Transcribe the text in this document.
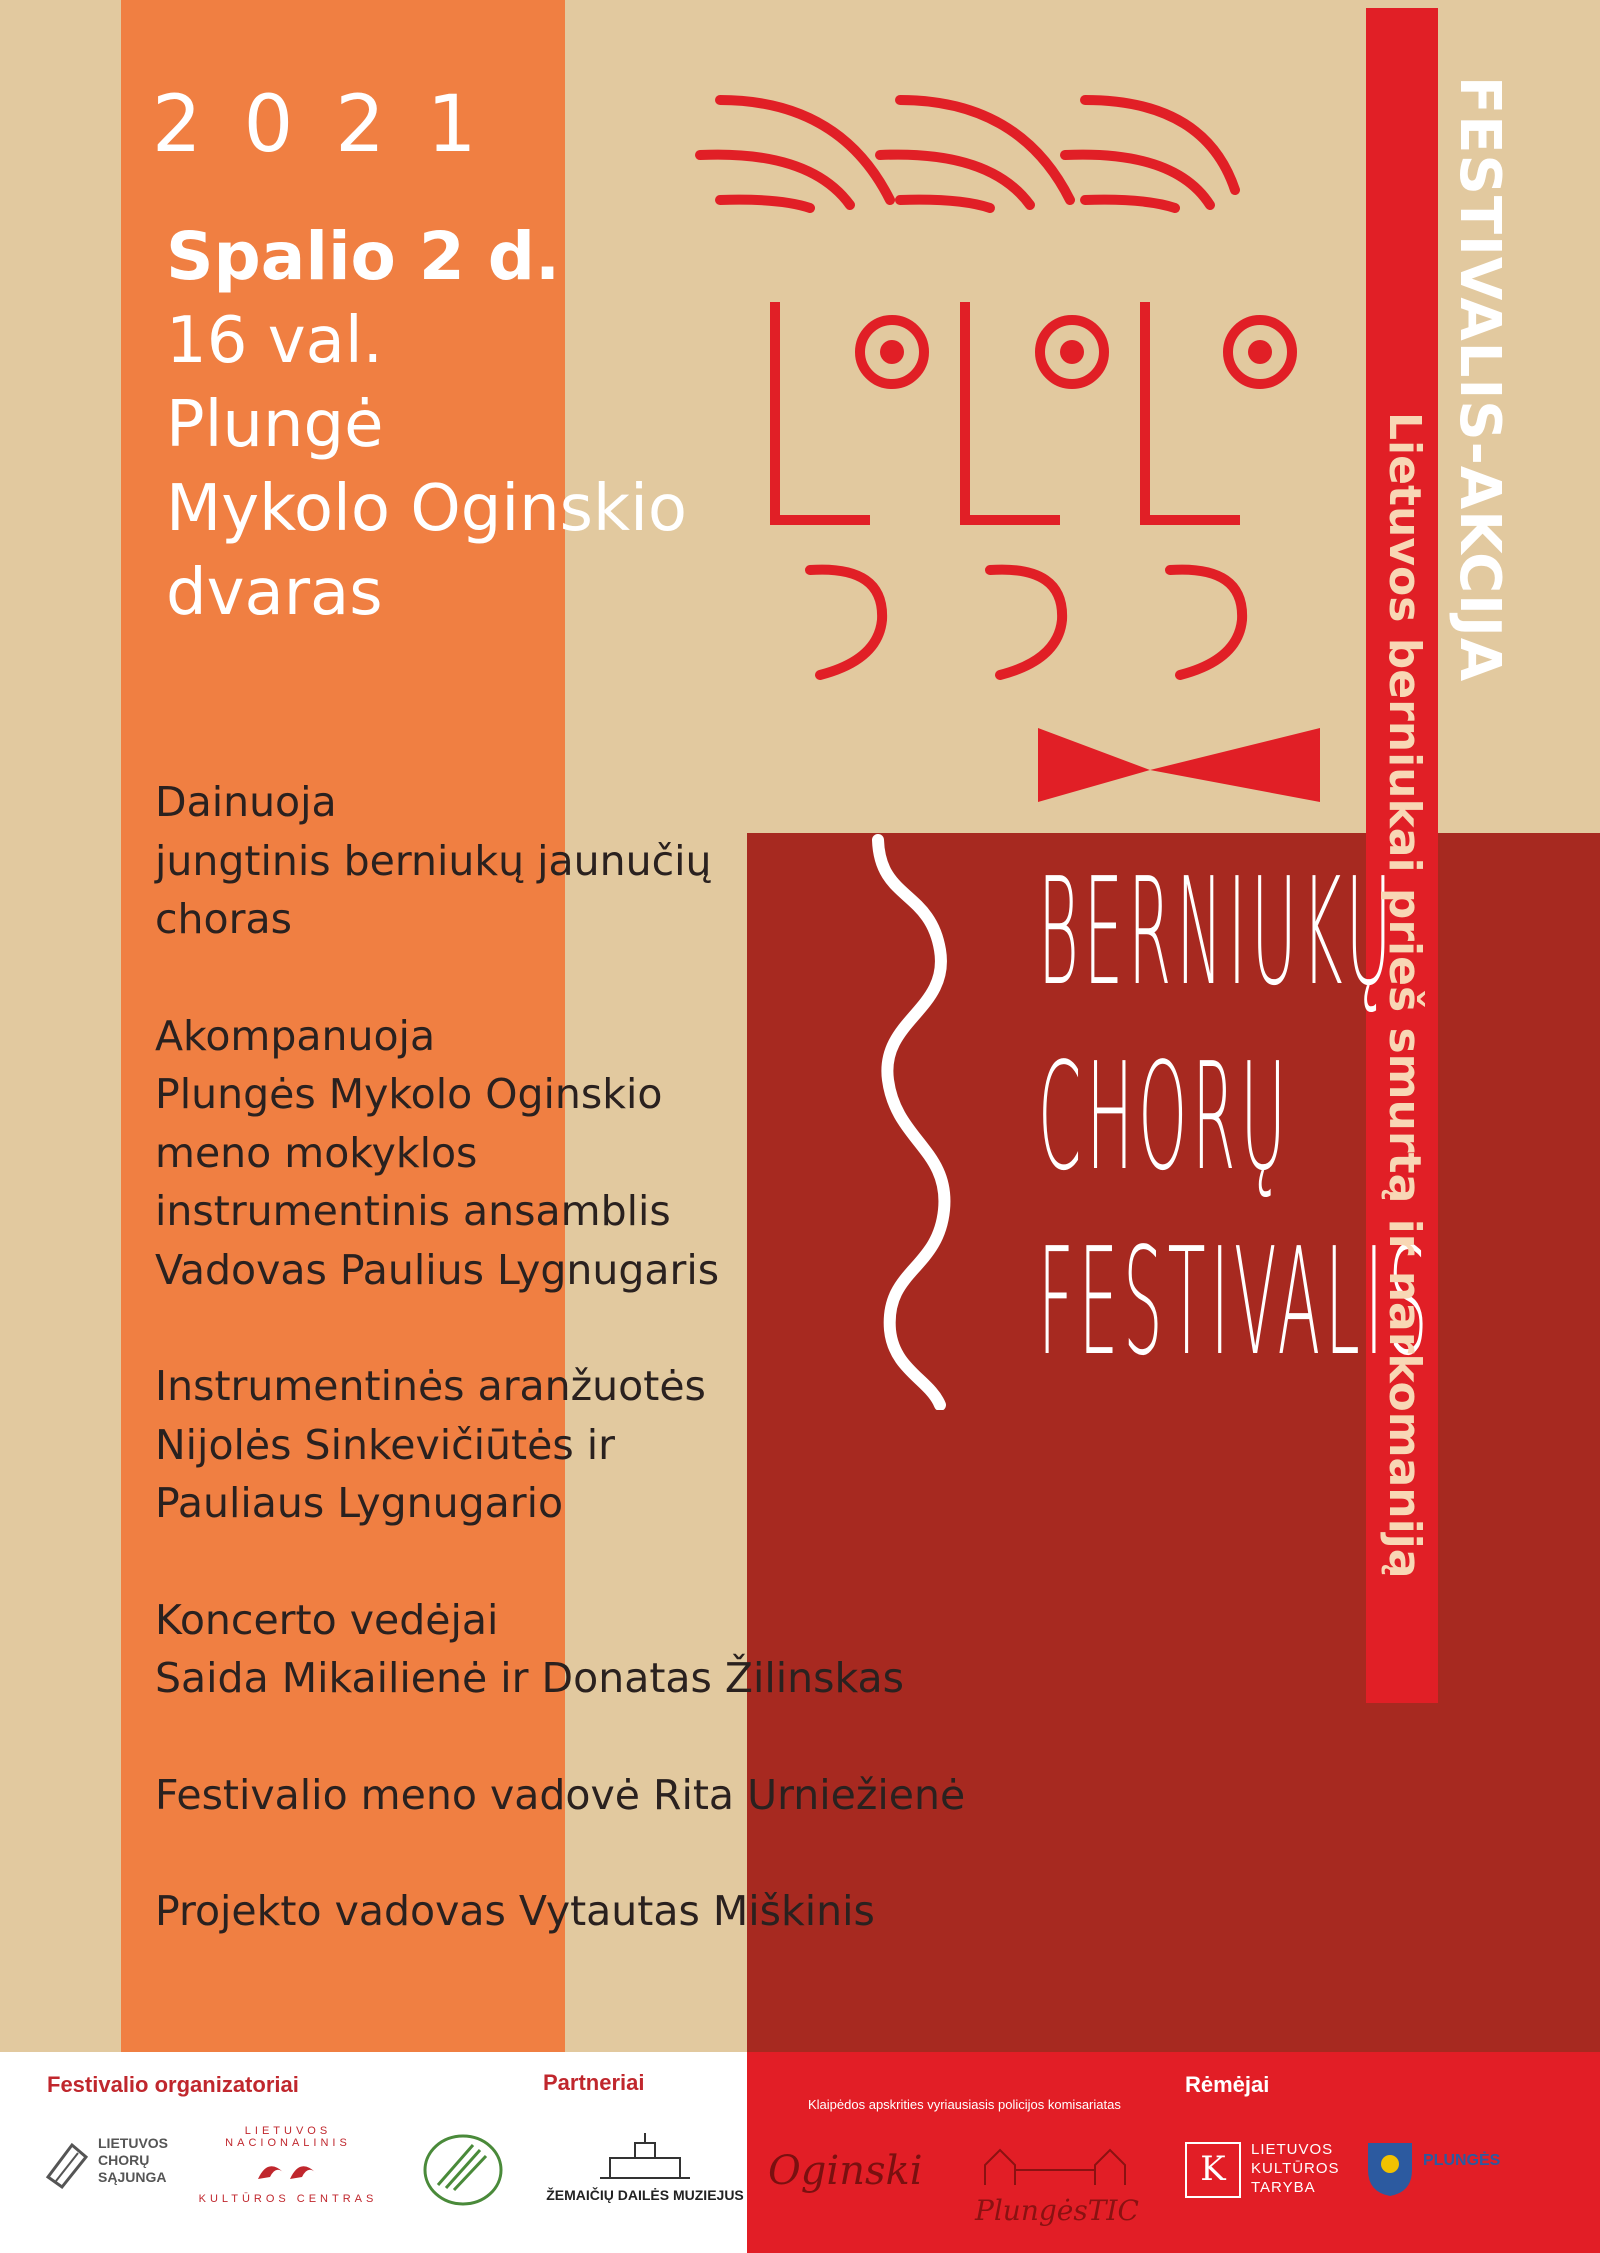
2021
Spalio 2 d.
16 val.
Plungė
Mykolo Oginskio
dvaras
BERNIUKŲ
CHORŲ
FESTIVALIS
FESTIVALIS-AKCIJA
Lietuvos berniukai prieš smurtą ir narkomaniją

Dainuoja
jungtinis berniukų jaunučių
choras

Akompanuoja
Plungės Mykolo Oginskio
meno mokyklos
instrumentinis ansamblis
Vadovas Paulius Lygnugaris

Instrumentinės aranžuotės
Nijolės Sinkevičiūtės ir
Pauliaus Lygnugario

Koncerto vedėjai
Saida Mikailienė ir Donatas Žilinskas

Festivalio meno vadovė Rita Urniežienė

Projekto vadovas Vytautas Miškinis

Festivalio organizatoriai	Partneriai	Rėmėjai
Klaipėdos apskrities vyriausiasis policijos komisariatas
LIETUVOS
CHORŲ
SĄJUNGA
LIETUVOS NACIONALINIS
KULTŪROS CENTRAS	ŽEMAIČIŲ DAILĖS MUZIEJUS
Oginski
PlungėsTIC
K	LIETUVOS
KULTŪROS
TARYBA
PLUNGĖS
